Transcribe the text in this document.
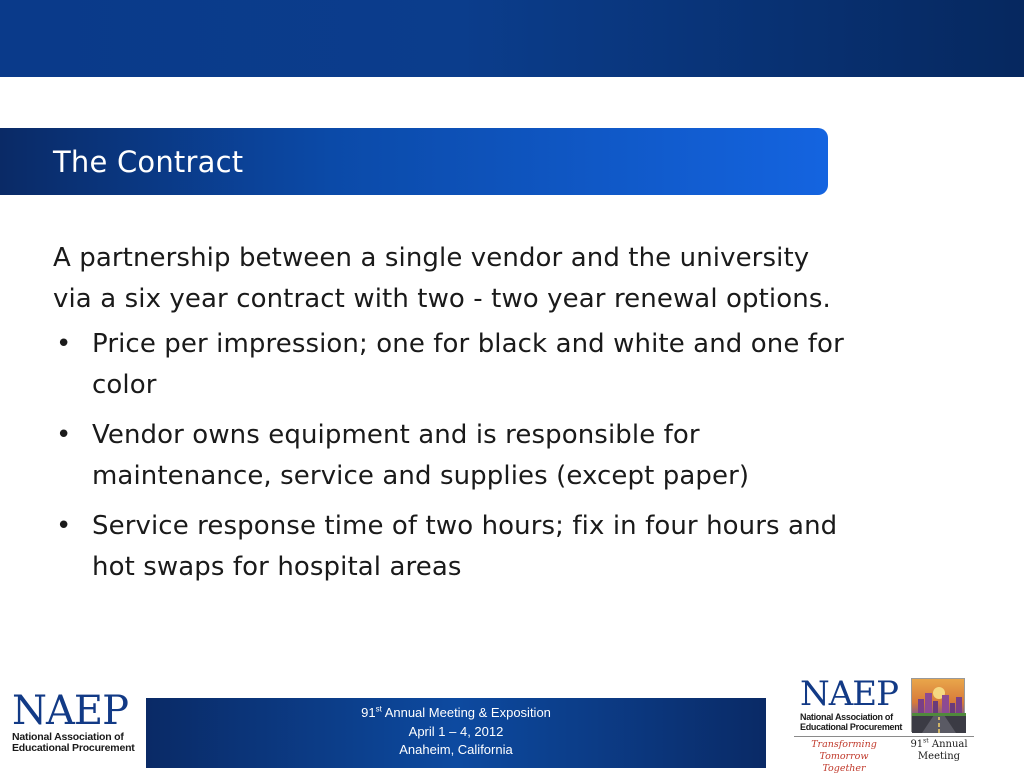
The Contract

A partnership between a single vendor and the university via a six year contract with two - two year renewal options.

• Price per impression; one for black and white and one for color
• Vendor owns equipment and is responsible for maintenance, service and supplies (except paper)
• Service response time of two hours; fix in four hours and hot swaps for hospital areas
NAEP
National Association of
Educational Procurement
91st Annual Meeting & Exposition
April 1 – 4, 2012
Anaheim, California
NAEP
National Association of
Educational Procurement
Transforming Tomorrow
Together
91st Annual
Meeting
